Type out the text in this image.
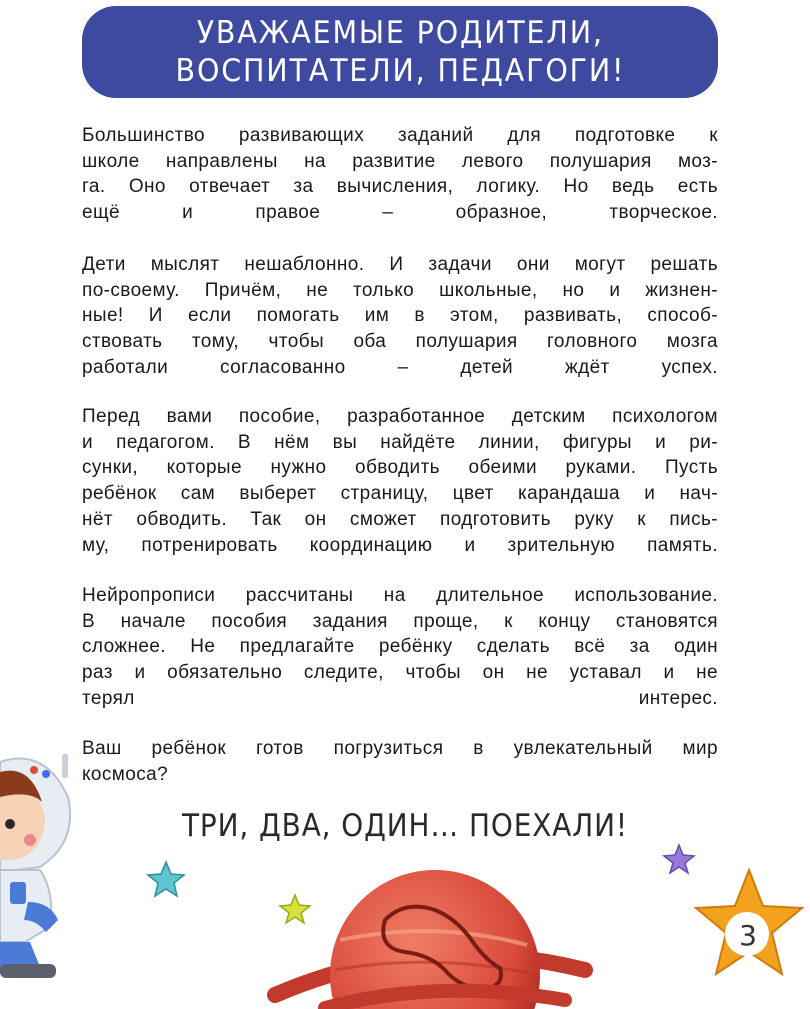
УВАЖАЕМЫЕ РОДИТЕЛИ,
ВОСПИТАТЕЛИ, ПЕДАГОГИ!
Большинство развивающих заданий для подготовке к
школе направлены на развитие левого полушария моз-
га. Оно отвечает за вычисления, логику. Но ведь есть
ещё и правое – образное, творческое.
Дети мыслят нешаблонно. И задачи они могут решать
по-своему. Причём, не только школьные, но и жизнен-
ные! И если помогать им в этом, развивать, способ-
ствовать тому, чтобы оба полушария головного мозга
работали согласованно – детей ждёт успех.
Перед вами пособие, разработанное детским психологом
и педагогом. В нём вы найдёте линии, фигуры и ри-
сунки, которые нужно обводить обеими руками. Пусть
ребёнок сам выберет страницу, цвет карандаша и нач-
нёт обводить. Так он сможет подготовить руку к пись-
му, потренировать координацию и зрительную память.
Нейропрописи рассчитаны на длительное использование.
В начале пособия задания проще, к концу становятся
сложнее. Не предлагайте ребёнку сделать всё за один
раз и обязательно следите, чтобы он не уставал и не
терял интерес.
Ваш ребёнок готов погрузиться в увлекательный мир
космоса?
ТРИ, ДВА, ОДИН… ПОЕХАЛИ!
3
